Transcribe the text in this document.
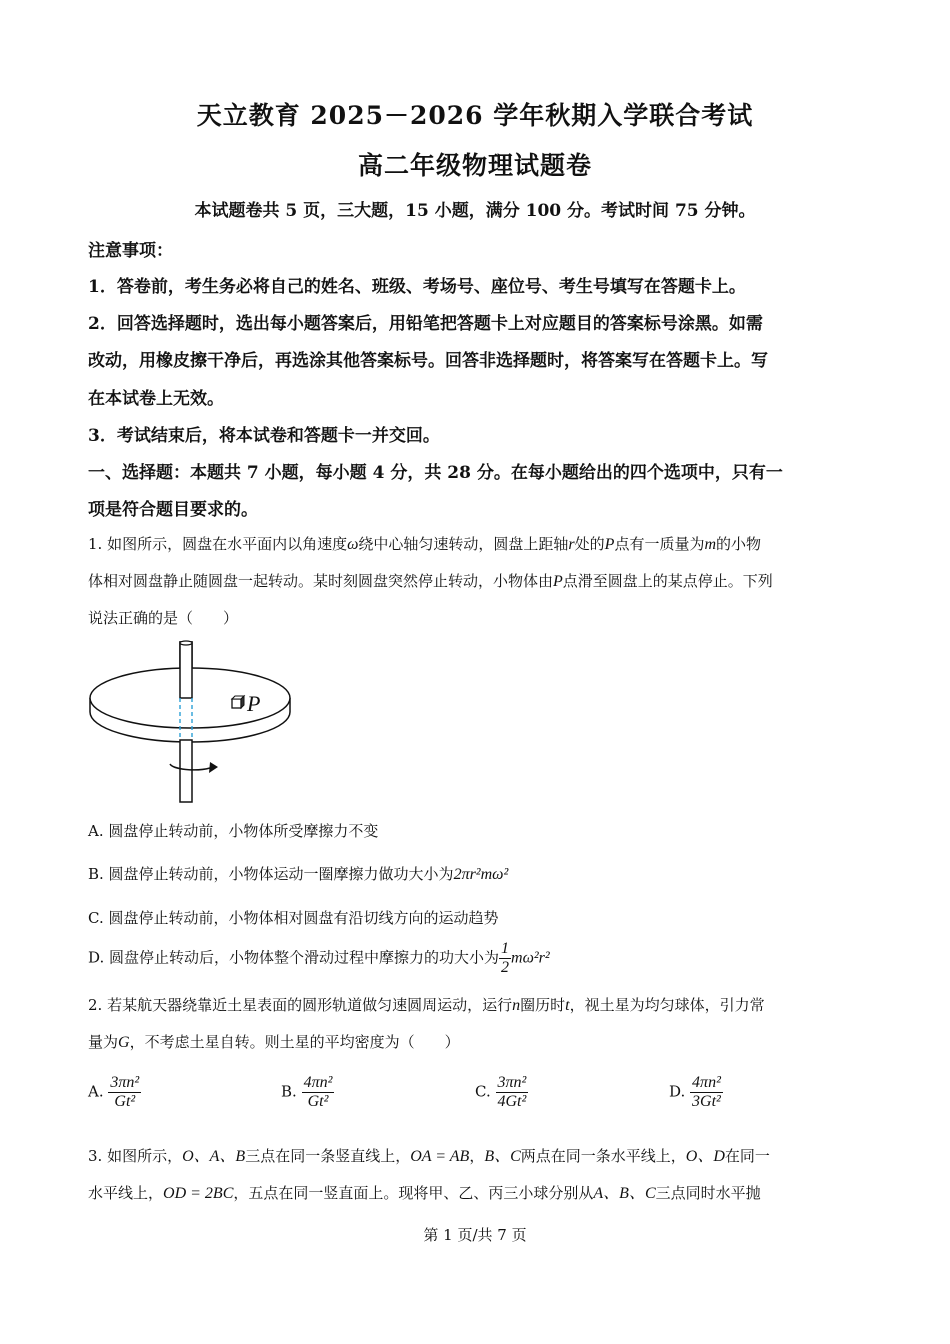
天立教育 2025－2026 学年秋期入学联合考试
高二年级物理试题卷
本试题卷共 5 页，三大题，15 小题，满分 100 分。考试时间 75 分钟。
注意事项：
1．答卷前，考生务必将自己的姓名、班级、考场号、座位号、考生号填写在答题卡上。
2．回答选择题时，选出每小题答案后，用铅笔把答题卡上对应题目的答案标号涂黑。如需
改动，用橡皮擦干净后，再选涂其他答案标号。回答非选择题时，将答案写在答题卡上。写
在本试卷上无效。
3．考试结束后，将本试卷和答题卡一并交回。
一、选择题：本题共 7 小题，每小题 4 分，共 28 分。在每小题给出的四个选项中，只有一
项是符合题目要求的。
1. 如图所示，圆盘在水平面内以角速度ω绕中心轴匀速转动，圆盘上距轴r处的P点有一质量为m的小物
体相对圆盘静止随圆盘一起转动。某时刻圆盘突然停止转动，小物体由P点滑至圆盘上的某点停止。下列
说法正确的是（　　）
P
A. 圆盘停止转动前，小物体所受摩擦力不变
B. 圆盘停止转动前，小物体运动一圈摩擦力做功大小为2πr²mω²
C. 圆盘停止转动前，小物体相对圆盘有沿切线方向的运动趋势
D. 圆盘停止转动后，小物体整个滑动过程中摩擦力的功大小为 $\frac{1}{2} m\omega^2r^2$
2. 若某航天器绕靠近土星表面的圆形轨道做匀速圆周运动，运行n圈历时t，视土星为均匀球体，引力常
量为G，不考虑土星自转。则土星的平均密度为（　　）
A. $\frac{\text{3πn²}}{\text{Gt²}}$	B. $\frac{\text{4πn²}}{\text{Gt²}}$	C. $\frac{\text{3πn²}}{\text{4Gt²}}$	D. $\frac{\text{4πn²}}{\text{3Gt²}}$
3. 如图所示，O、A、B三点在同一条竖直线上，OA = AB，B、C两点在同一条水平线上，O、D在同一
水平线上，OD = 2BC，五点在同一竖直面上。现将甲、乙、丙三小球分别从A、B、C三点同时水平抛
第 1 页/共 7 页
